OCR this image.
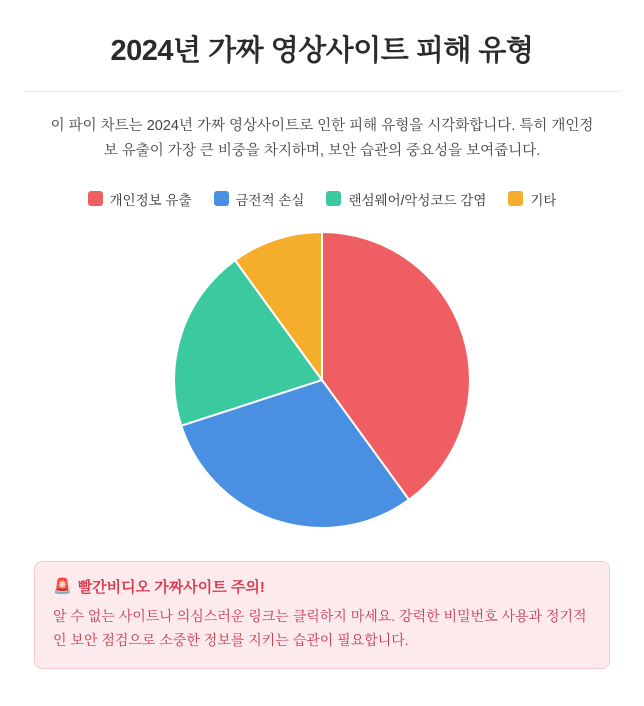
2024년 가짜 영상사이트 피해 유형

이 파이 차트는 2024년 가짜 영상사이트로 인한 피해 유형을 시각화합니다. 특히 개인정보 유출이 가장 큰 비중을 차지하며, 보안 습관의 중요성을 보여줍니다.

개인정보 유출	금전적 손실	랜섬웨어/악성코드 감염	기타
🚨 빨간비디오 가짜사이트 주의!

알 수 없는 사이트나 의심스러운 링크는 클릭하지 마세요. 강력한 비밀번호 사용과 정기적인 보안 점검으로 소중한 정보를 지키는 습관이 필요합니다.
